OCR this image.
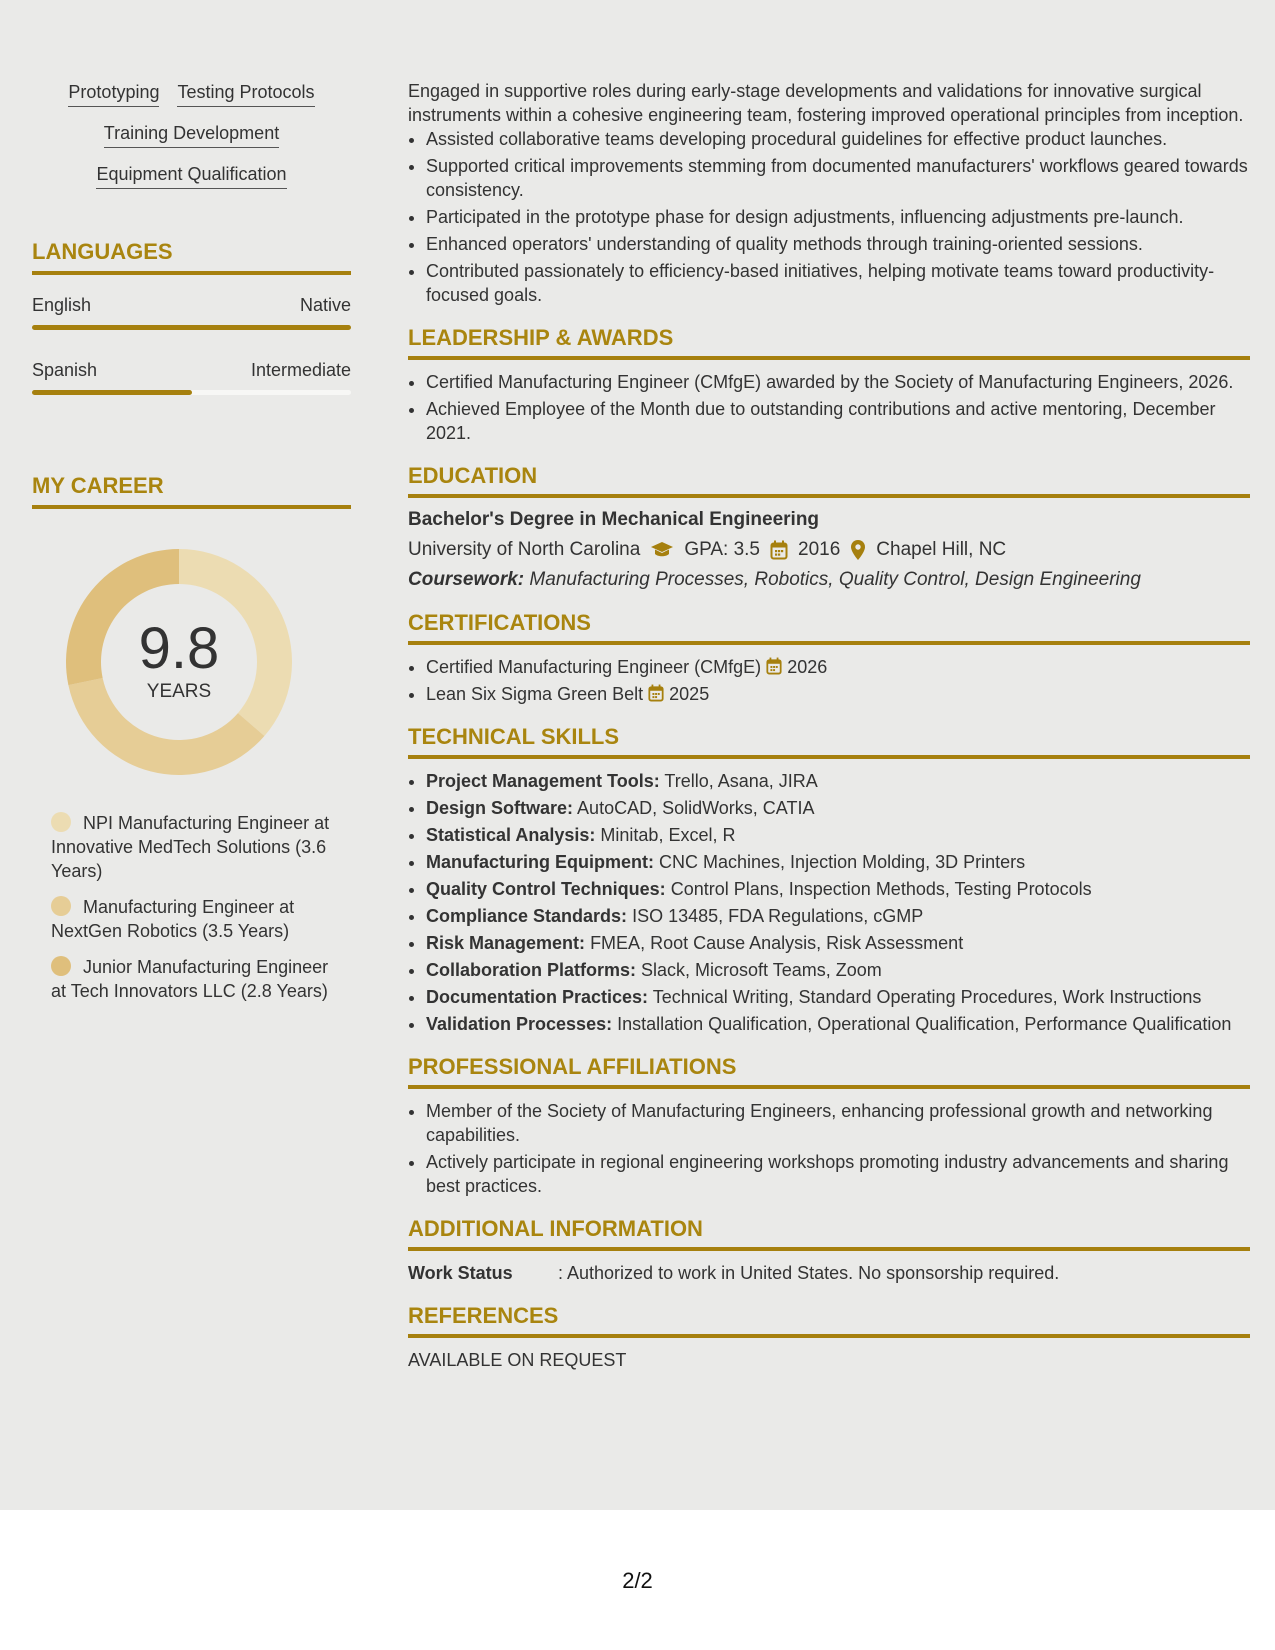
Prototyping Testing Protocols
Training Development
Equipment Qualification
LANGUAGES
English	Native
Spanish	Intermediate
MY CAREER
9.8
YEARS
NPI Manufacturing Engineer at Innovative MedTech Solutions (3.6 Years)
Manufacturing Engineer at NextGen Robotics (3.5 Years)
Junior Manufacturing Engineer at Tech Innovators LLC (2.8 Years)
Engaged in supportive roles during early-stage developments and validations for innovative surgical instruments within a cohesive engineering team, fostering improved operational principles from inception.
• Assisted collaborative teams developing procedural guidelines for effective product launches.
• Supported critical improvements stemming from documented manufacturers' workflows geared towards consistency.
• Participated in the prototype phase for design adjustments, influencing adjustments pre-launch.
• Enhanced operators' understanding of quality methods through training-oriented sessions.
• Contributed passionately to efficiency-based initiatives, helping motivate teams toward productivity-focused goals.
LEADERSHIP & AWARDS
• Certified Manufacturing Engineer (CMfgE) awarded by the Society of Manufacturing Engineers, 2026.
• Achieved Employee of the Month due to outstanding contributions and active mentoring, December 2021.
EDUCATION
Bachelor's Degree in Mechanical Engineering
University of North Carolina GPA: 3.5 2016 Chapel Hill, NC
Coursework: Manufacturing Processes, Robotics, Quality Control, Design Engineering
CERTIFICATIONS
• Certified Manufacturing Engineer (CMfgE) 2026
• Lean Six Sigma Green Belt 2025
TECHNICAL SKILLS
• Project Management Tools: Trello, Asana, JIRA
• Design Software: AutoCAD, SolidWorks, CATIA
• Statistical Analysis: Minitab, Excel, R
• Manufacturing Equipment: CNC Machines, Injection Molding, 3D Printers
• Quality Control Techniques: Control Plans, Inspection Methods, Testing Protocols
• Compliance Standards: ISO 13485, FDA Regulations, cGMP
• Risk Management: FMEA, Root Cause Analysis, Risk Assessment
• Collaboration Platforms: Slack, Microsoft Teams, Zoom
• Documentation Practices: Technical Writing, Standard Operating Procedures, Work Instructions
• Validation Processes: Installation Qualification, Operational Qualification, Performance Qualification
PROFESSIONAL AFFILIATIONS
• Member of the Society of Manufacturing Engineers, enhancing professional growth and networking capabilities.
• Actively participate in regional engineering workshops promoting industry advancements and sharing best practices.
ADDITIONAL INFORMATION
Work Status	: Authorized to work in United States. No sponsorship required.
REFERENCES
AVAILABLE ON REQUEST
2/2
